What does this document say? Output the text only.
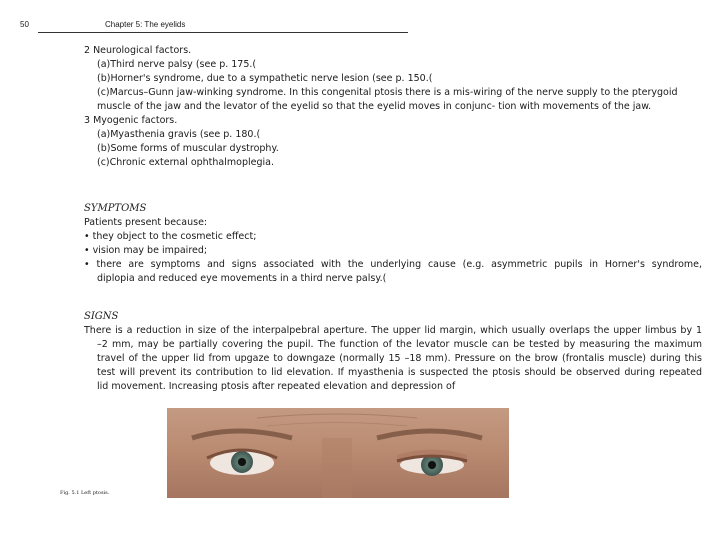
50	Chapter 5: The eyelids
2 Neurological factors.
(a)Third nerve palsy (see p. 175.(
(b)Horner's syndrome, due to a sympathetic nerve lesion (see p. 150.(
(c)Marcus–Gunn jaw-winking syndrome. In this congenital ptosis there is a mis-wiring of the nerve supply to the pterygoid
muscle of the jaw and the levator of the eyelid so that the eyelid moves in conjunc- tion with movements of the jaw.
3 Myogenic factors.
(a)Myasthenia gravis (see p. 180.(
(b)Some forms of muscular dystrophy.
(c)Chronic external ophthalmoplegia.
SYMPTOMS
Patients present because:
• they object to the cosmetic effect;
• vision may be impaired;
• there are symptoms and signs associated with the underlying cause (e.g. asymmetric pupils in Horner's syndrome,
diplopia and reduced eye movements in a third nerve palsy.(
SIGNS
There is a reduction in size of the interpalpebral aperture. The upper lid margin, which usually overlaps the upper limbus by 1
–2 mm, may be partially covering the pupil. The function of the levator muscle can be tested by measuring the maximum
travel of the upper lid from upgaze to downgaze (normally 15 –18 mm). Pressure on the brow (frontalis muscle) during this
test will prevent its contribution to lid elevation. If myasthenia is suspected the ptosis should be observed during repeated
lid movement. Increasing ptosis after repeated elevation and depression of
Fig. 5.1 Left ptosis.
